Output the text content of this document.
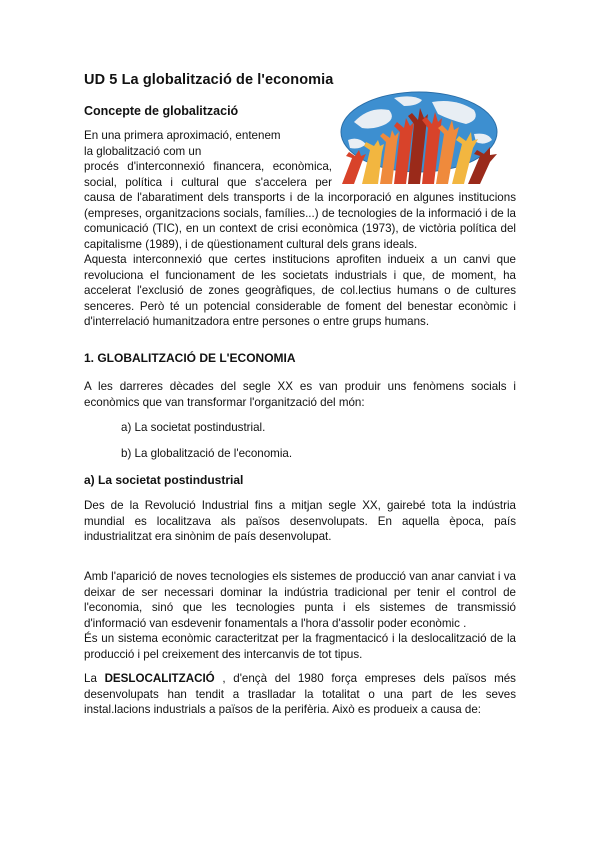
UD 5 La globalització de l'economia

Concepte de globalització

En una primera aproximació, entenem
la globalització com un
procés d'interconnexió financera, econòmica,
social, política i cultural que s'accelera per

causa de l'abaratiment dels transports i de la incorporació en algunes institucions (empreses, organitzacions socials, famílies...) de tecnologies de la informació i de la comunicació (TIC), en un context de crisi econòmica (1973), de victòria política del capitalisme (1989), i de qüestionament cultural dels grans ideals.

Aquesta interconnexió que certes institucions aprofiten indueix a un canvi que revoluciona el funcionament de les societats industrials i que, de moment, ha accelerat l'exclusió de zones geogràfiques, de col.lectius humans o de cultures senceres. Però té un potencial considerable de foment del benestar econòmic i d'interrelació humanitzadora entre persones o entre grups humans.

1. GLOBALITZACIÓ DE L'ECONOMIA

A les darreres dècades del segle XX es van produir uns fenòmens socials i econòmics que van transformar l'organització del món:

a) La societat postindustrial.

b) La globalització de l'economia.

a) La societat postindustrial

Des de la Revolució Industrial fins a mitjan segle XX, gairebé tota la indústria mundial es localitzava als països desenvolupats. En aquella època, país industrialitzat era sinònim de país desenvolupat.

Amb l'aparició de noves tecnologies els sistemes de producció van anar canviat i va deixar de ser necessari dominar la indústria tradicional per tenir el control de l'economia, sinó que les tecnologies punta i els sistemes de transmissió d'informació van esdevenir fonamentals a l'hora d'assolir poder econòmic .

És un sistema econòmic caracteritzat per la fragmentacicó i la deslocalització de la producció i pel creixement des intercanvis de tot tipus.

La DESLOCALITZACIÓ , d'ençà del 1980 força empreses dels països més desenvolupats han tendit a traslladar la totalitat o una part de les seves instal.lacions industrials a països de la perifèria. Això es produeix a causa de:
